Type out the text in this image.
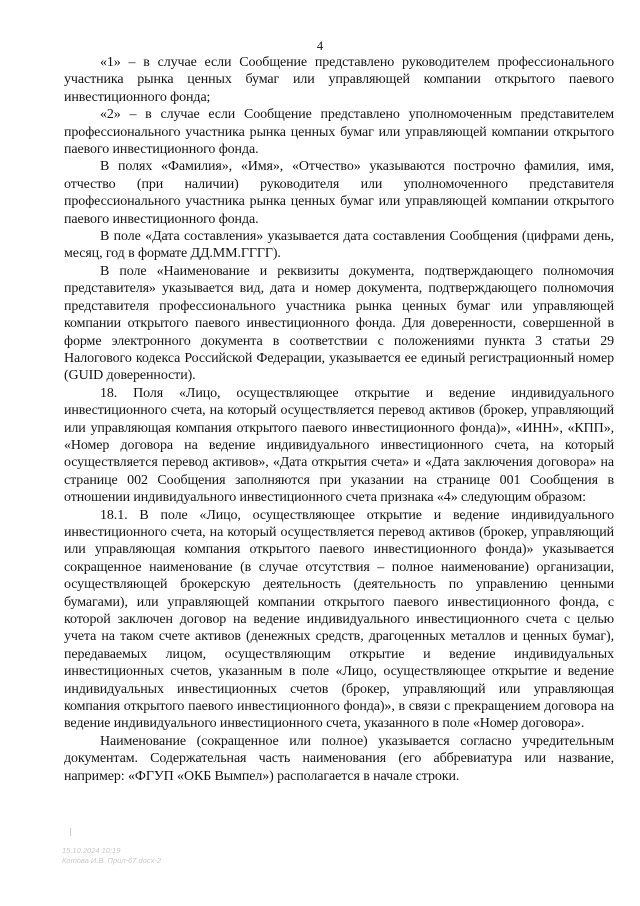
4

«1» – в случае если Сообщение представлено руководителем профессионального участника рынка ценных бумаг или управляющей компании открытого паевого инвестиционного фонда;

«2» – в случае если Сообщение представлено уполномоченным представителем профессионального участника рынка ценных бумаг или управляющей компании открытого паевого инвестиционного фонда.

В полях «Фамилия», «Имя», «Отчество» указываются построчно фамилия, имя, отчество (при наличии) руководителя или уполномоченного представителя профессионального участника рынка ценных бумаг или управляющей компании открытого паевого инвестиционного фонда.

В поле «Дата составления» указывается дата составления Сообщения (цифрами день, месяц, год в формате ДД.ММ.ГГГГ).

В поле «Наименование и реквизиты документа, подтверждающего полномочия представителя» указывается вид, дата и номер документа, подтверждающего полномочия представителя профессионального участника рынка ценных бумаг или управляющей компании открытого паевого инвестиционного фонда. Для доверенности, совершенной в форме электронного документа в соответствии с положениями пункта 3 статьи 29 Налогового кодекса Российской Федерации, указывается ее единый регистрационный номер (GUID доверенности).

18. Поля «Лицо, осуществляющее открытие и ведение индивидуального инвестиционного счета, на который осуществляется перевод активов (брокер, управляющий или управляющая компания открытого паевого инвестиционного фонда)», «ИНН», «КПП», «Номер договора на ведение индивидуального инвестиционного счета, на который осуществляется перевод активов», «Дата открытия счета» и «Дата заключения договора» на странице 002 Сообщения заполняются при указании на странице 001 Сообщения в отношении индивидуального инвестиционного счета признака «4» следующим образом:

18.1. В поле «Лицо, осуществляющее открытие и ведение индивидуального инвестиционного счета, на который осуществляется перевод активов (брокер, управляющий или управляющая компания открытого паевого инвестиционного фонда)» указывается сокращенное наименование (в случае отсутствия – полное наименование) организации, осуществляющей брокерскую деятельность (деятельность по управлению ценными бумагами), или управляющей компании открытого паевого инвестиционного фонда, с которой заключен договор на ведение индивидуального инвестиционного счета с целью учета на таком счете активов (денежных средств, драгоценных металлов и ценных бумаг), передаваемых лицом, осуществляющим открытие и ведение индивидуальных инвестиционных счетов, указанным в поле «Лицо, осуществляющее открытие и ведение индивидуальных инвестиционных счетов (брокер, управляющий или управляющая компания открытого паевого инвестиционного фонда)», в связи с прекращением договора на ведение индивидуального инвестиционного счета, указанного в поле «Номер договора».

Наименование (сокращенное или полное) указывается согласно учредительным документам. Содержательная часть наименования (его аббревиатура или название, например: «ФГУП «ОКБ Вымпел») располагается в начале строки.

15.10.2024 10:19
Котова И.В. Прил-67.docx-2
